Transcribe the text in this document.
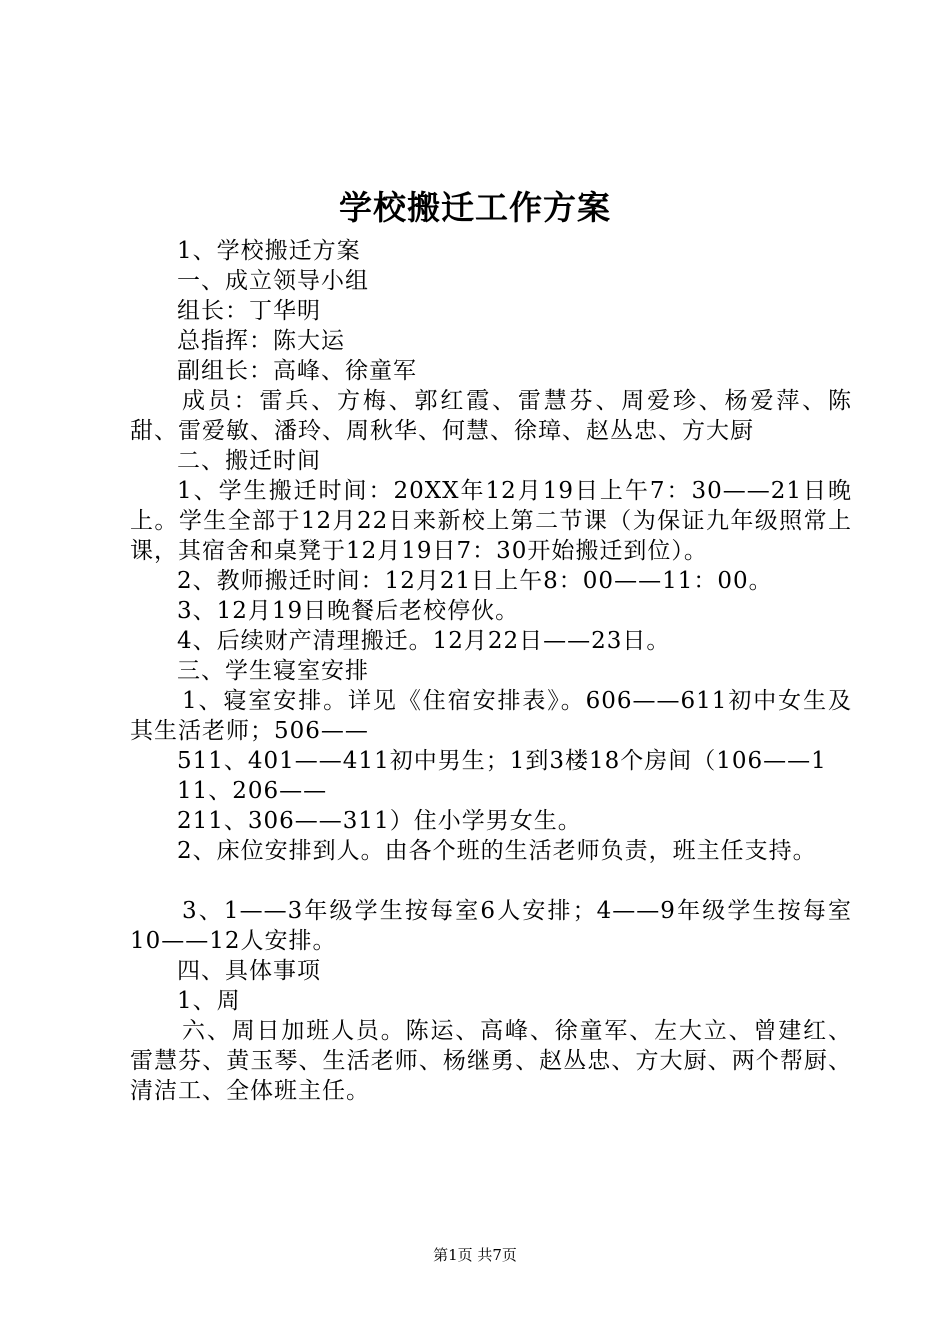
学校搬迁工作方案

1、学校搬迁方案

一、成立领导小组

组长：丁华明

总指挥：陈大运

副组长：高峰、徐童军

成员：雷兵、方梅、郭红霞、雷慧芬、周爱珍、杨爱萍、陈甜、雷爱敏、潘玲、周秋华、何慧、徐璋、赵丛忠、方大厨

二、搬迁时间

1、学生搬迁时间：20XX年12月19日上午7：30——21日晚上。学生全部于12月22日来新校上第二节课（为保证九年级照常上课，其宿舍和桌凳于12月19日7：30开始搬迁到位）。

2、教师搬迁时间：12月21日上午8：00——11：00。

3、12月19日晚餐后老校停伙。

4、后续财产清理搬迁。12月22日——23日。

三、学生寝室安排

1、寝室安排。详见《住宿安排表》。606——611初中女生及其生活老师；506——

511、401——411初中男生；1到3楼18个房间（106——1

11、206——

211、306——311）住小学男女生。

2、床位安排到人。由各个班的生活老师负责，班主任支持。

3、1——3年级学生按每室6人安排；4——9年级学生按每室10——12人安排。

四、具体事项

1、周

六、周日加班人员。陈运、高峰、徐童军、左大立、曾建红、雷慧芬、黄玉琴、生活老师、杨继勇、赵丛忠、方大厨、两个帮厨、清洁工、全体班主任。

第1页 共7页
